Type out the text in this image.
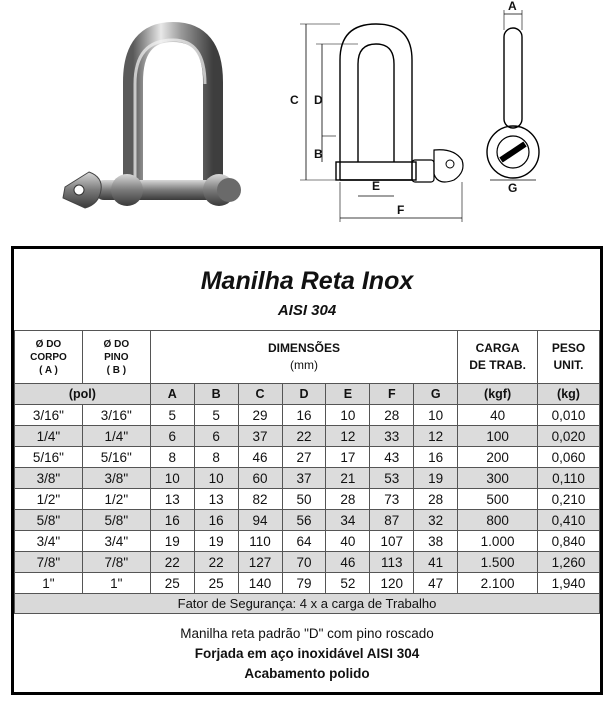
C D
B
E
F
A
G
Manilha Reta Inox
AISI 304
Ø DO
CORPO
( A )	Ø DO
PINO
( B )	DIMENSÕES
(mm)							CARGA
DE TRAB.	PESO
UNIT.
(pol)		A	B	C	D	E	F	G	(kgf)	(kg)
3/16"	3/16"	5	5	29	16	10	28	10	40	0,010
1/4"	1/4"	6	6	37	22	12	33	12	100	0,020
5/16"	5/16"	8	8	46	27	17	43	16	200	0,060
3/8"	3/8"	10	10	60	37	21	53	19	300	0,110
1/2"	1/2"	13	13	82	50	28	73	28	500	0,210
5/8"	5/8"	16	16	94	56	34	87	32	800	0,410
3/4"	3/4"	19	19	110	64	40	107	38	1.000	0,840
7/8"	7/8"	22	22	127	70	46	113	41	1.500	1,260
1"	1"	25	25	140	79	52	120	47	2.100	1,940
Fator de Segurança: 4 x a carga de Trabalho										
Manilha reta padrão "D" com pino roscado
Forjada em aço inoxidável AISI 304
Acabamento polido
